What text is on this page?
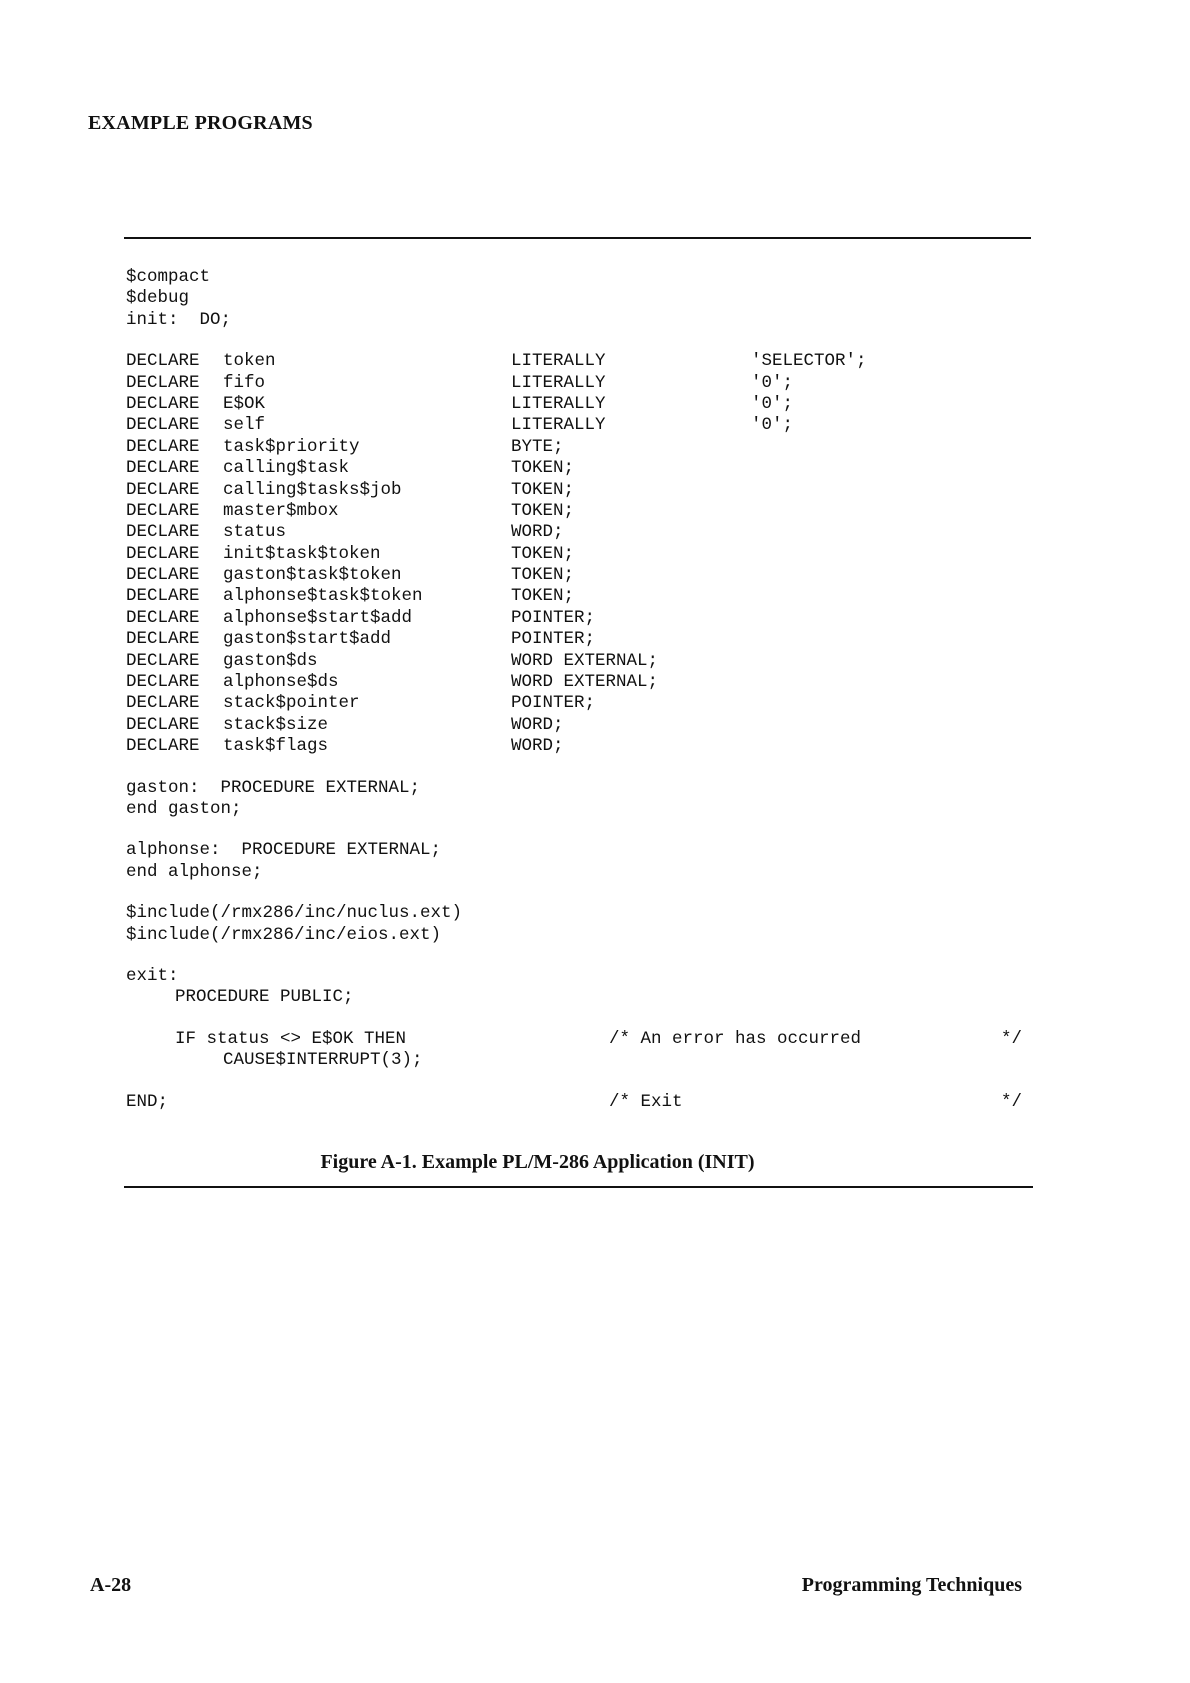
EXAMPLE PROGRAMS
$compact
$debug
init:  DO;
DECLARE token	LITERALLY	'SELECTOR';
DECLARE fifo	LITERALLY	'0';
DECLARE E$OK	LITERALLY	'0';
DECLARE self	LITERALLY	'0';
DECLARE task$priority	BYTE;
DECLARE calling$task	TOKEN;
DECLARE calling$tasks$job	TOKEN;
DECLARE master$mbox	TOKEN;
DECLARE status	WORD;
DECLARE init$task$token	TOKEN;
DECLARE gaston$task$token	TOKEN;
DECLARE alphonse$task$token	TOKEN;
DECLARE alphonse$start$add	POINTER;
DECLARE gaston$start$add	POINTER;
DECLARE gaston$ds	WORD EXTERNAL;
DECLARE alphonse$ds	WORD EXTERNAL;
DECLARE stack$pointer	POINTER;
DECLARE stack$size	WORD;
DECLARE task$flags	WORD;
gaston:  PROCEDURE EXTERNAL;
end gaston;
alphonse:  PROCEDURE EXTERNAL;
end alphonse;
$include(/rmx286/inc/nuclus.ext)
$include(/rmx286/inc/eios.ext)
exit:
PROCEDURE PUBLIC;

IF status <> E$OK THEN

	/* An error has occurred

	*/

CAUSE$INTERRUPT(3);

END;

	/* Exit

	*/

Figure A-1. Example PL/M-286 Application (INIT)
A-28	Programming Techniques
